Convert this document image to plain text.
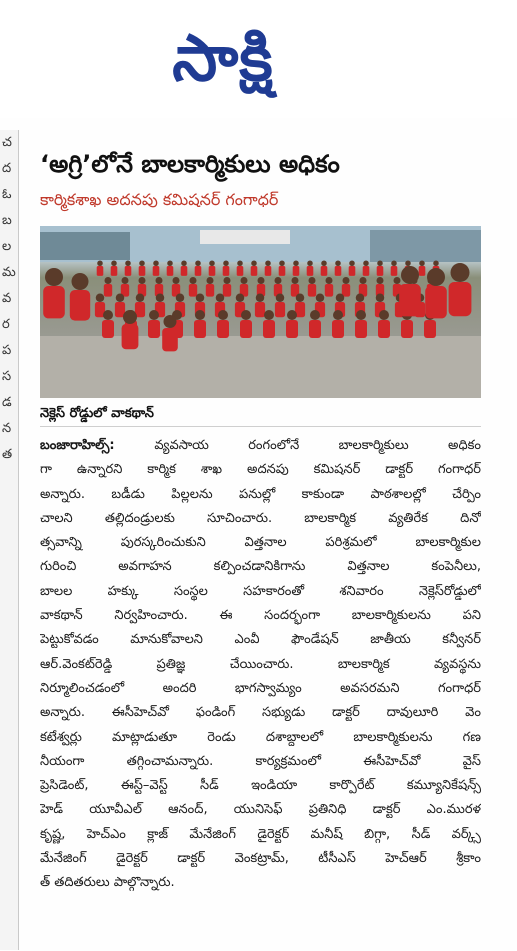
సాక్షి
చ
ద
ఓ
బ
ల
మ
వ
ర
ప
స
డ
న
త
‘అగ్రి’లోనే బాలకార్మికులు అధికం
కార్మికశాఖ అదనపు కమిషనర్ గంగాధర్
నెక్లెస్ రోడ్డులో వాకథాన్
బంజారాహిల్స్: వ్యవసాయ రంగంలోనే బాలకార్మికులు అధికం
గా ఉన్నారని కార్మిక శాఖ అదనపు కమిషనర్ డాక్టర్ గంగాధర్
అన్నారు. బడీడు పిల్లలను పనుల్లో కాకుండా పాఠశాలల్లో చేర్పిం
చాలని తల్లిదండ్రులకు సూచించారు. బాలకార్మిక వ్యతిరేక దినో
త్సవాన్ని పురస్కరించుకుని విత్తనాల పరిశ్రమలో బాలకార్మికుల
గురించి అవగాహన కల్పించడానికిగాను విత్తనాల కంపెనీలు,
బాలల హక్కు సంస్థల సహకారంతో శనివారం నెక్లెస్‌రోడ్డులో
వాకథాన్ నిర్వహించారు. ఈ సందర్భంగా బాలకార్మికులను పని
పెట్టుకోవడం మానుకోవాలని ఎంవీ ఫౌండేషన్ జాతీయ కన్వీనర్
ఆర్.వెంకట్‌రెడ్డి ప్రతిజ్ఞ చేయించారు. బాలకార్మిక వ్యవస్థను
నిర్మూలించడంలో అందరి భాగస్వామ్యం అవసరమని గంగాధర్
అన్నారు. ఈసీహెచ్‌వో ఫండింగ్ సభ్యుడు డాక్టర్ దావులూరి వెం
కటేశ్వర్లు మాట్లాడుతూ రెండు దశాబ్దాలలో బాలకార్మికులను గణ
నీయంగా తగ్గించామన్నారు. కార్యక్రమంలో ఈసీహెచ్‌వో వైస్
ప్రెసిడెంట్, ఈస్ట్–వెస్ట్ సీడ్ ఇండియా కార్పొరేట్ కమ్యూనికేషన్స్
హెడ్ యూవీఎల్ ఆనంద్, యునిసెఫ్ ప్రతినిధి డాక్టర్ ఎం.మురళ
కృష్ణ, హెచ్‌ఎం క్లాజ్ మేనేజింగ్ డైరెక్టర్ మనీష్ బిగ్గా, సీడ్ వర్క్స్
మేనేజింగ్ డైరెక్టర్ డాక్టర్ వెంకట్రామ్, టీసీఎస్ హెచ్‌ఆర్ శ్రీకాం
త్ తదితరులు పాల్గొన్నారు.
